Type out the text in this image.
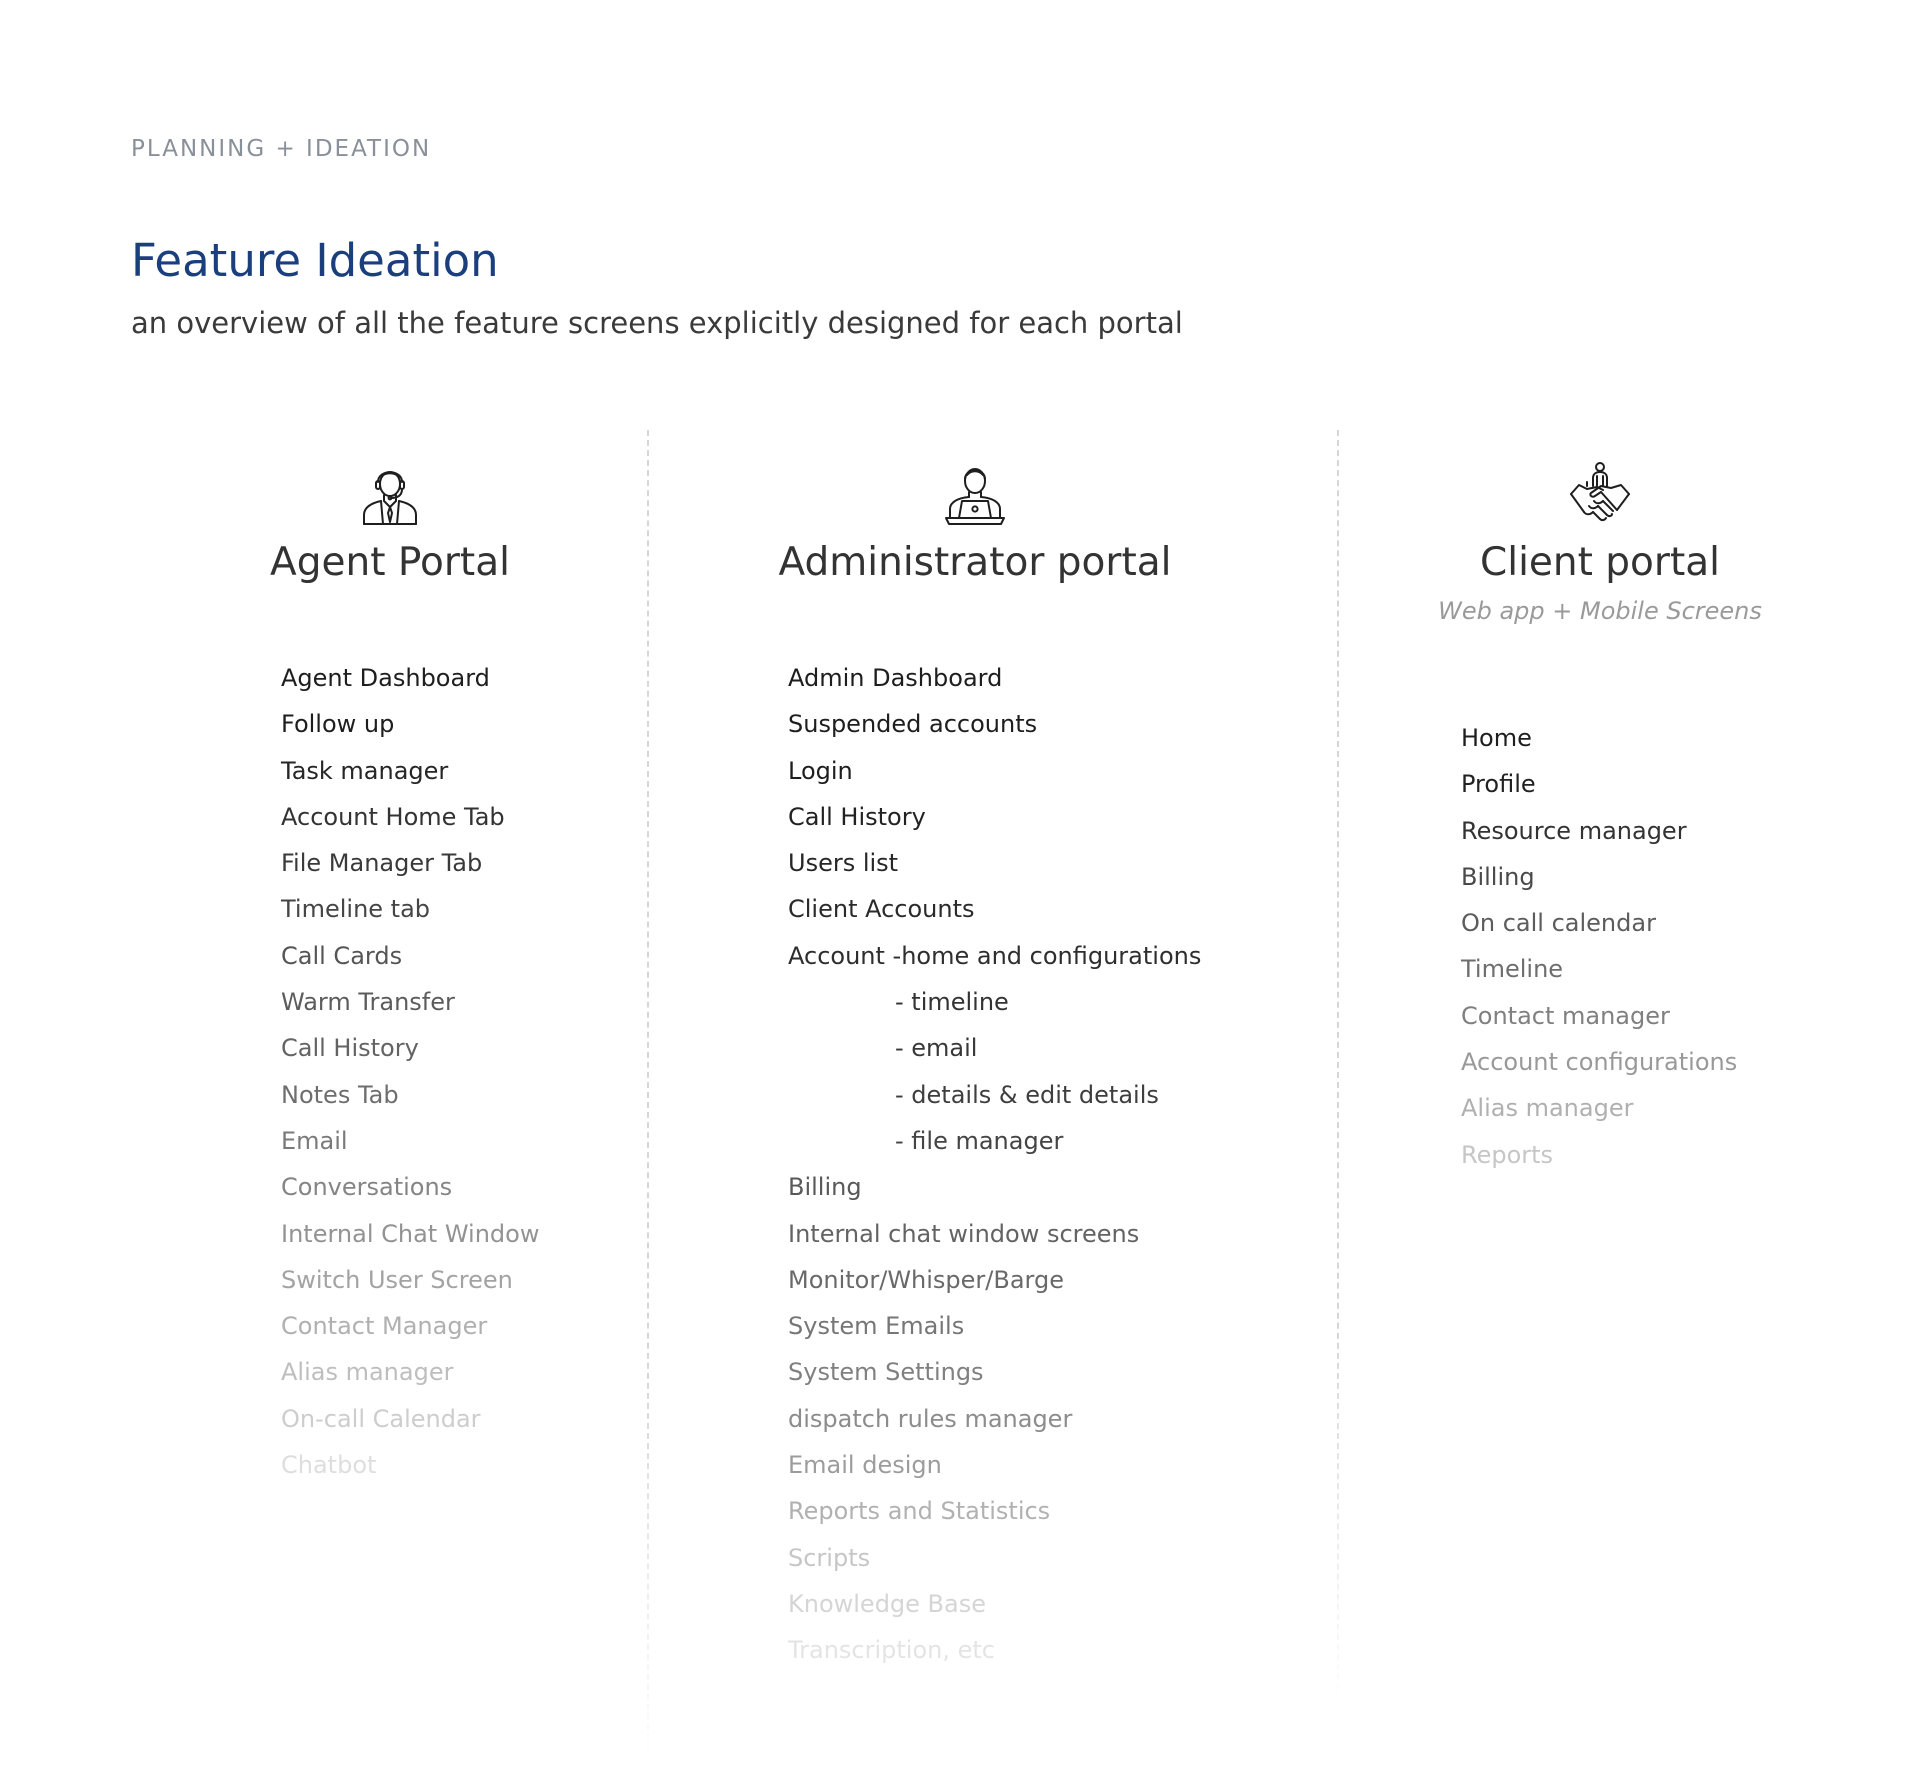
PLANNING + IDEATION

Feature Ideation

an overview of all the feature screens explicitly designed for each portal

Agent Portal
Agent Dashboard
Follow up
Task manager
Account Home Tab
File Manager Tab
Timeline tab
Call Cards
Warm Transfer
Call History
Notes Tab
Email
Conversations
Internal Chat Window
Switch User Screen
Contact Manager
Alias manager
On-call Calendar
Chatbot
Administrator portal
Admin Dashboard
Suspended accounts
Login
Call History
Users list
Client Accounts
Account -home and configurations
- timeline
- email
- details & edit details
- file manager
Billing
Internal chat window screens
Monitor/Whisper/Barge
System Emails
System Settings
dispatch rules manager
Email design
Reports and Statistics
Scripts
Knowledge Base
Transcription, etc
Client portal
Web app + Mobile Screens
Home
Profile
Resource manager
Billing
On call calendar
Timeline
Contact manager
Account configurations
Alias manager
Reports
